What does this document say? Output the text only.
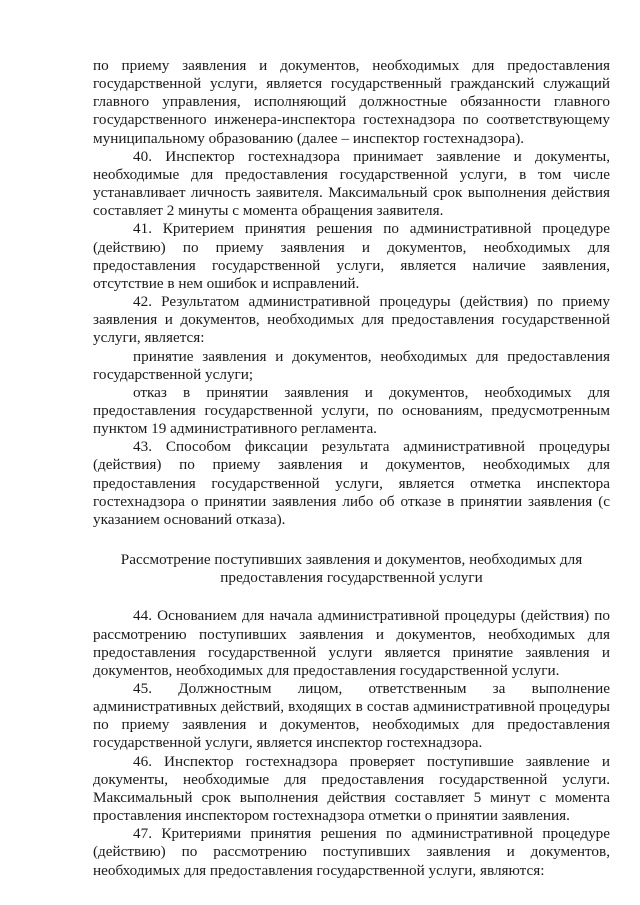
по приему заявления и документов, необходимых для предоставления государственной услуги, является государственный гражданский служащий главного управления, исполняющий должностные обязанности главного государственного инженера-инспектора гостехнадзора по соответствующему муниципальному образованию (далее – инспектор гостехнадзора).

40. Инспектор гостехнадзора принимает заявление и документы, необходимые для предоставления государственной услуги, в том числе устанавливает личность заявителя. Максимальный срок выполнения действия составляет 2 минуты с момента обращения заявителя.

41. Критерием принятия решения по административной процедуре (действию) по приему заявления и документов, необходимых для предоставления государственной услуги, является наличие заявления, отсутствие в нем ошибок и исправлений.

42. Результатом административной процедуры (действия) по приему заявления и документов, необходимых для предоставления государственной услуги, является:

принятие заявления и документов, необходимых для предоставления государственной услуги;

отказ в принятии заявления и документов, необходимых для предоставления государственной услуги, по основаниям, предусмотренным пунктом 19 административного регламента.

43. Способом фиксации результата административной процедуры (действия) по приему заявления и документов, необходимых для предоставления государственной услуги, является отметка инспектора гостехнадзора о принятии заявления либо об отказе в принятии заявления (с указанием оснований отказа).

Рассмотрение поступивших заявления и документов, необходимых для предоставления государственной услуги

44. Основанием для начала административной процедуры (действия) по рассмотрению поступивших заявления и документов, необходимых для предоставления государственной услуги является принятие заявления и документов, необходимых для предоставления государственной услуги.

45. Должностным лицом, ответственным за выполнение административных действий, входящих в состав административной процедуры по приему заявления и документов, необходимых для предоставления государственной услуги, является инспектор гостехнадзора.

46. Инспектор гостехнадзора проверяет поступившие заявление и документы, необходимые для предоставления государственной услуги. Максимальный срок выполнения действия составляет 5 минут с момента проставления инспектором гостехнадзора отметки о принятии заявления.

47. Критериями принятия решения по административной процедуре (действию) по рассмотрению поступивших заявления и документов, необходимых для предоставления государственной услуги, являются:
